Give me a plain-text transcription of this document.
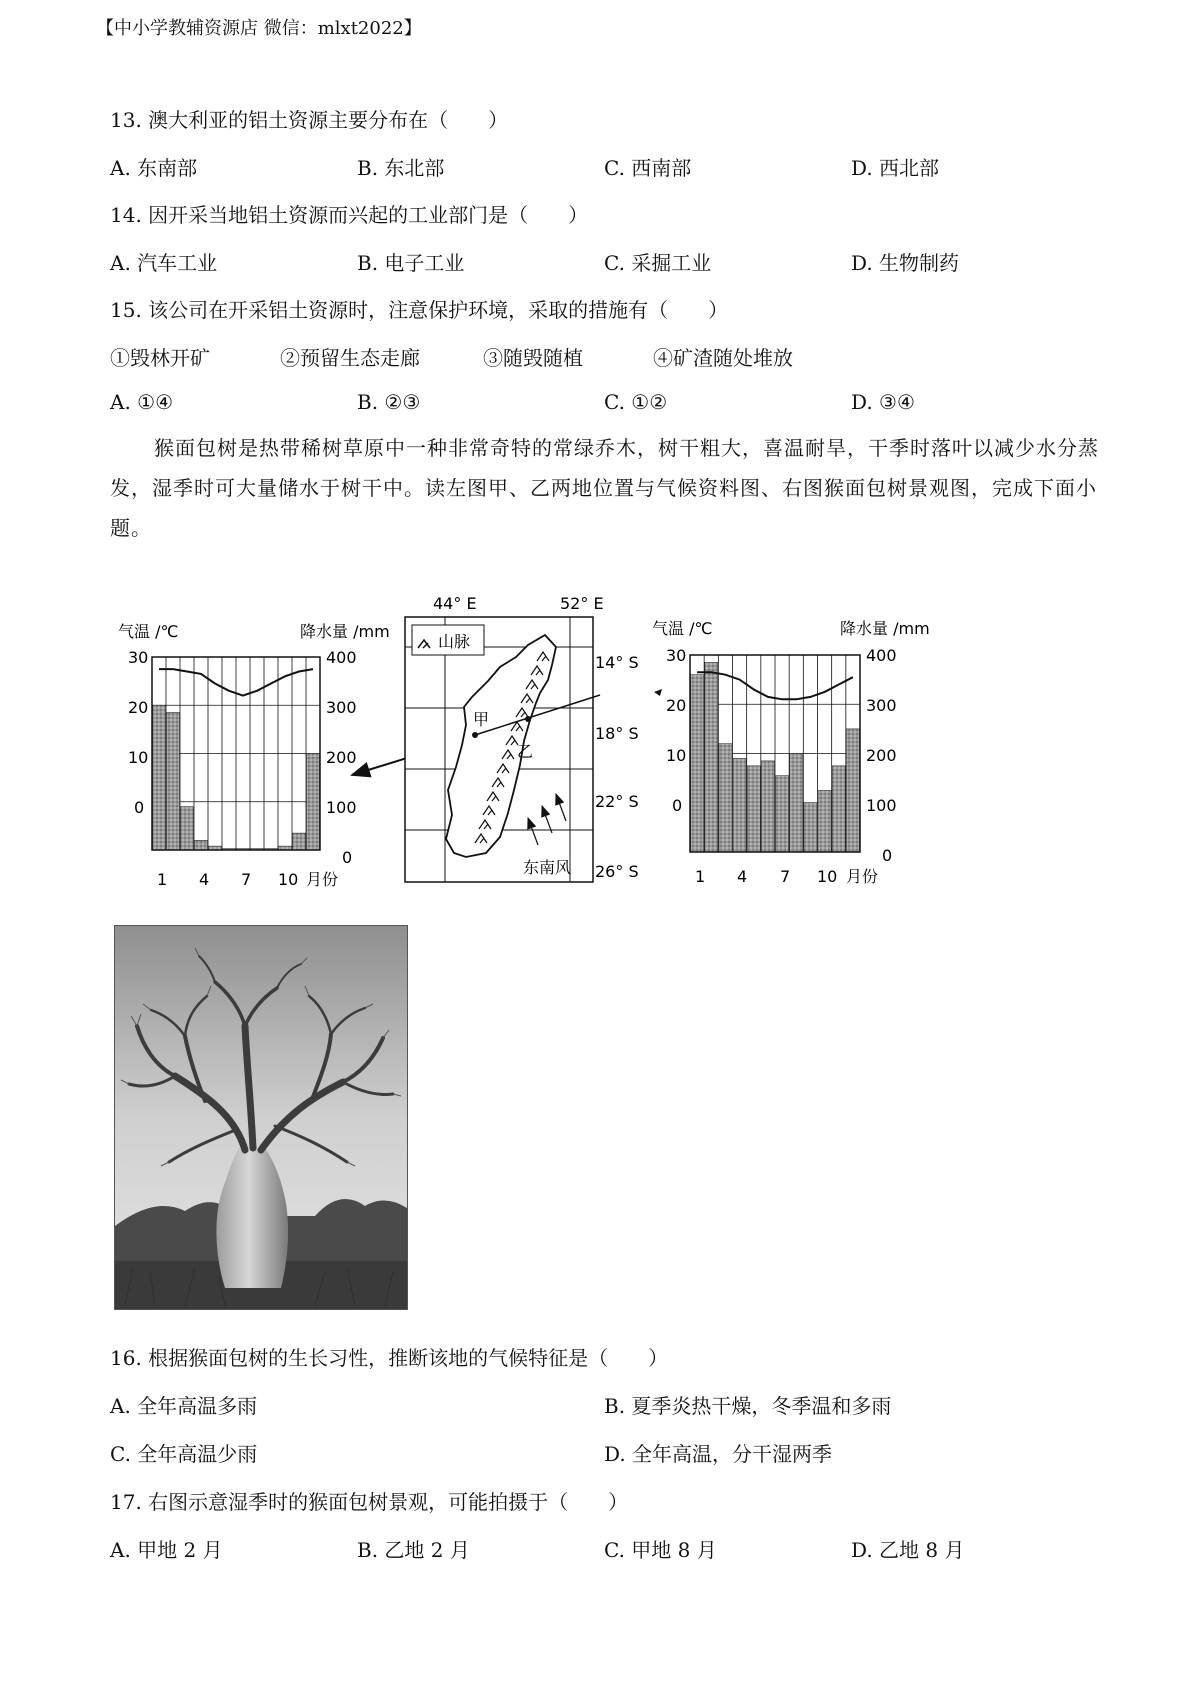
【中小学教辅资源店 微信：mlxt2022】
13. 澳大利亚的铝土资源主要分布在（　　）
A. 东南部	B. 东北部	C. 西南部	D. 西北部
14. 因开采当地铝土资源而兴起的工业部门是（　　）
A. 汽车工业	B. 电子工业	C. 采掘工业	D. 生物制药
15. 该公司在开采铝土资源时，注意保护环境，采取的措施有（　　）
①毁林开矿	②预留生态走廊	③随毁随植	④矿渣随处堆放
A. ①④	B. ②③	C. ①②	D. ③④
猴面包树是热带稀树草原中一种非常奇特的常绿乔木，树干粗大，喜温耐旱，干季时落叶以减少水分蒸发，湿季时可大量储水于树干中。读左图甲、乙两地位置与气候资料图、右图猴面包树景观图，完成下面小题。
气温 /℃	降水量 /mm
30
20
10
0
400
300
200
100
0
1 4 7 10 月份
山脉
44° E	52° E
14° S
18° S
22° S
26° S
甲
乙
东南风
气温 /℃	降水量 /mm
30
20
10
0
400
300
200
100
0
1 4 7 10 月份
16. 根据猴面包树的生长习性，推断该地的气候特征是（　　）
A. 全年高温多雨	B. 夏季炎热干燥，冬季温和多雨
C. 全年高温少雨	D. 全年高温，分干湿两季
17. 右图示意湿季时的猴面包树景观，可能拍摄于（　　）
A. 甲地 2 月	B. 乙地 2 月	C. 甲地 8 月	D. 乙地 8 月
